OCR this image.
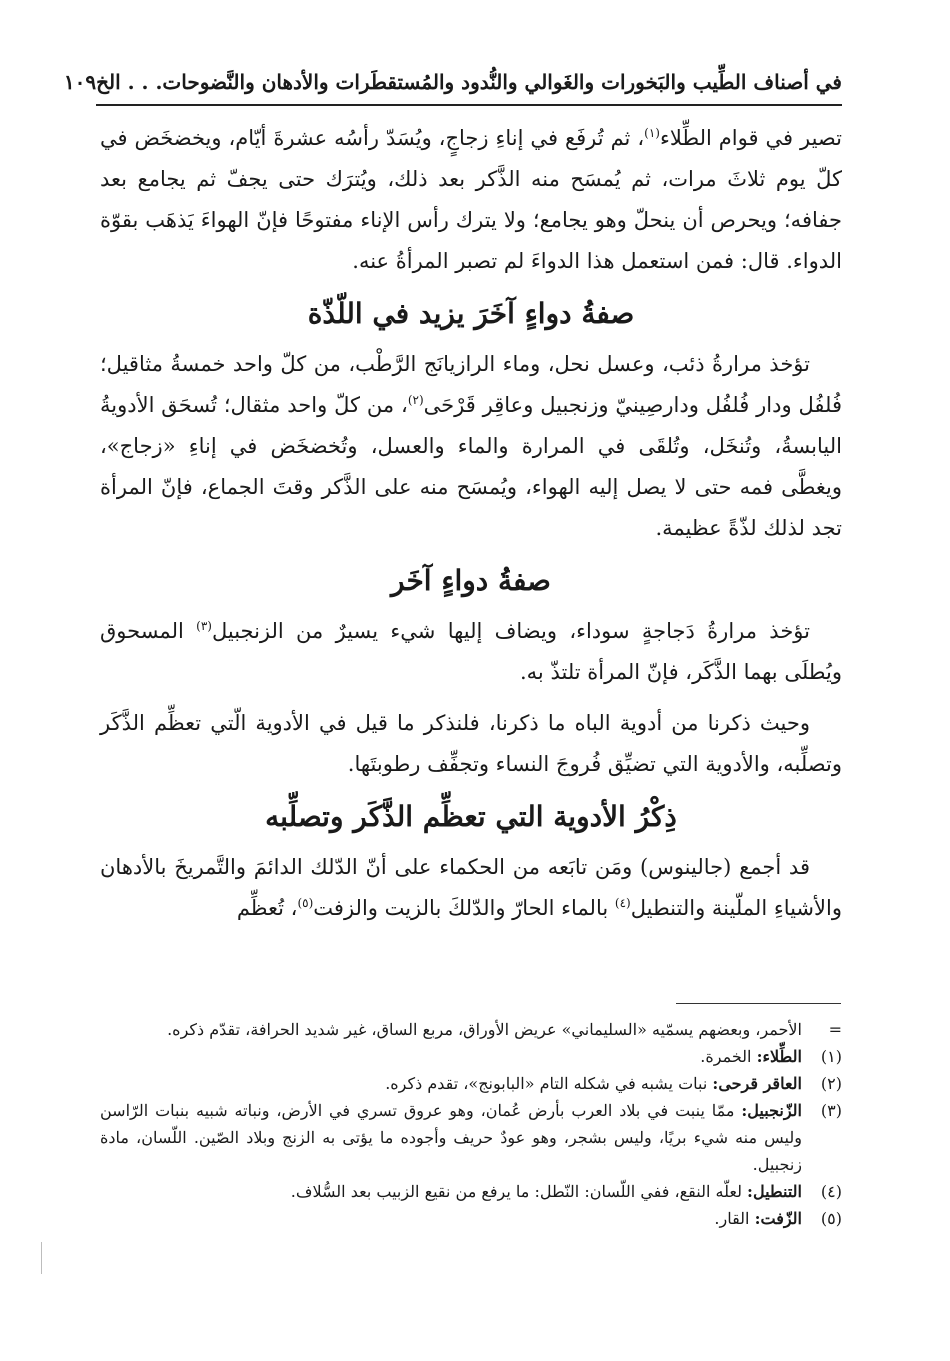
في أصناف الطِّيب والبَخورات والغَوالي والنُّدود والمُستقطَرات والأدهان والنَّضوحات. . . الخ
١٠٩

تصير في قوام الطِّلاء$^{(١)}$، ثم تُرفَع في إناءِ زجاجٍ، ويُسَدّ رأسُه عشرةَ أيّام، ويخضخَض في كلّ يوم ثلاثَ مرات، ثم يُمسَح منه الذَّكر بعد ذلك، ويُترَك حتى يجفّ ثم يجامع بعد جفافه؛ ويحرص أن ينحلّ وهو يجامع؛ ولا يترك رأس الإناء مفتوحًا فإنّ الهواءَ يَذهَب بقوّة الدواء. قال: فمن استعمل هذا الدواءَ لم تصبر المرأةُ عنه.

صفةُ دواءٍ آخَرَ يزيد في اللّذّة

تؤخذ مرارةُ ذئب، وعسل نحل، وماء الرازيانَج الرَّطْب، من كلّ واحد خمسةُ مثاقيل؛ فُلفُل ودار فُلفُل ودارصِينيّ وزنجبيل وعاقِر قَرْحَى$^{(٢)}$، من كلّ واحد مثقال؛ تُسحَق الأدويةُ اليابسةُ، وتُنخَل، وتُلقَى في المرارة والماء والعسل، وتُخضخَض في إناءِ «زجاج»، ويغطَّى فمه حتى لا يصل إليه الهواء، ويُمسَح منه على الذَّكر وقتَ الجماع، فإنّ المرأة تجد لذلك لذّةً عظيمة.

صفةُ دواءٍ آخَر

تؤخذ مرارةُ دَجاجةٍ سوداء، ويضاف إليها شيء يسيرٌ من الزنجبيل$^{(٣)}$ المسحوق ويُطلَى بهما الذَّكَر، فإنّ المرأة تلتذّ به.

وحيث ذكرنا من أدوية الباه ما ذكرنا، فلنذكر ما قيل في الأدوية الّتي تعظِّم الذَّكَر وتصلِّبه، والأدوية التي تضيِّق فُروجَ النساء وتجفِّف رطوبتَها.

ذِكْرُ الأدوية التي تعظِّم الذَّكَر وتصلِّبه

قد أجمع (جالينوس) ومَن تابَعه من الحكماء على أنّ الدّلك الدائمَ والتَّمريخَ بالأدهان والأشياءِ الملّينة والتنطيل$^{(٤)}$ بالماء الحارّ والدّلكَ بالزيت والزفت$^{(٥)}$، تُعظِّم

=
الأحمر، وبعضهم يسمّيه «السليماني» عريض الأوراق، مربع الساق، غير شديد الحرافة، تقدّم ذكره.
(١)
الطِّلاء: الخمرة.
(٢)
العاقر قرحى: نبات يشبه في شكله التام «البابونج»، تقدم ذكره.
(٣)
الزّنجبيل: ممّا ينبت في بلاد العرب بأرض عُمان، وهو عروق تسري في الأرض، ونباته شبيه بنبات الرّاسن وليس منه شيء بريًا، وليس بشجر، وهو عودٌ حريف وأجوده ما يؤتى به الزنج وبلاد الصّين. اللّسان، مادة زنجبيل.
(٤)
التنطيل: لعلّه النقع، ففي اللّسان: النّطل: ما يرفع من نقيع الزبيب بعد السُّلاف.
(٥)
الزّفت: القار.
